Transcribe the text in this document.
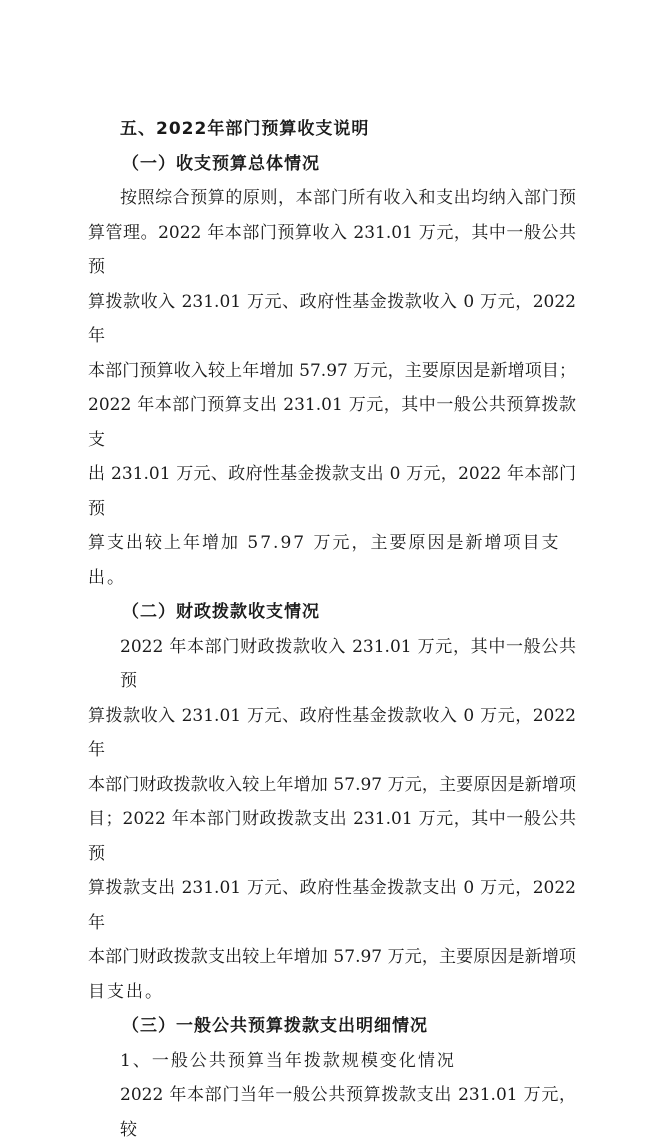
五、2022年部门预算收支说明
（一）收支预算总体情况
按照综合预算的原则，本部门所有收入和支出均纳入部门预
算管理。2022 年本部门预算收入 231.01 万元，其中一般公共预
算拨款收入 231.01 万元、政府性基金拨款收入 0 万元，2022 年
本部门预算收入较上年增加 57.97 万元，主要原因是新增项目；
2022 年本部门预算支出 231.01 万元，其中一般公共预算拨款支
出 231.01 万元、政府性基金拨款支出 0 万元，2022 年本部门预
算支出较上年增加 57.97 万元，主要原因是新增项目支出。
（二）财政拨款收支情况
2022 年本部门财政拨款收入 231.01 万元，其中一般公共预
算拨款收入 231.01 万元、政府性基金拨款收入 0 万元，2022 年
本部门财政拨款收入较上年增加 57.97 万元，主要原因是新增项
目；2022 年本部门财政拨款支出 231.01 万元，其中一般公共预
算拨款支出 231.01 万元、政府性基金拨款支出 0 万元，2022 年
本部门财政拨款支出较上年增加 57.97 万元，主要原因是新增项
目支出。
（三）一般公共预算拨款支出明细情况
1、一般公共预算当年拨款规模变化情况
2022 年本部门当年一般公共预算拨款支出 231.01 万元，较
